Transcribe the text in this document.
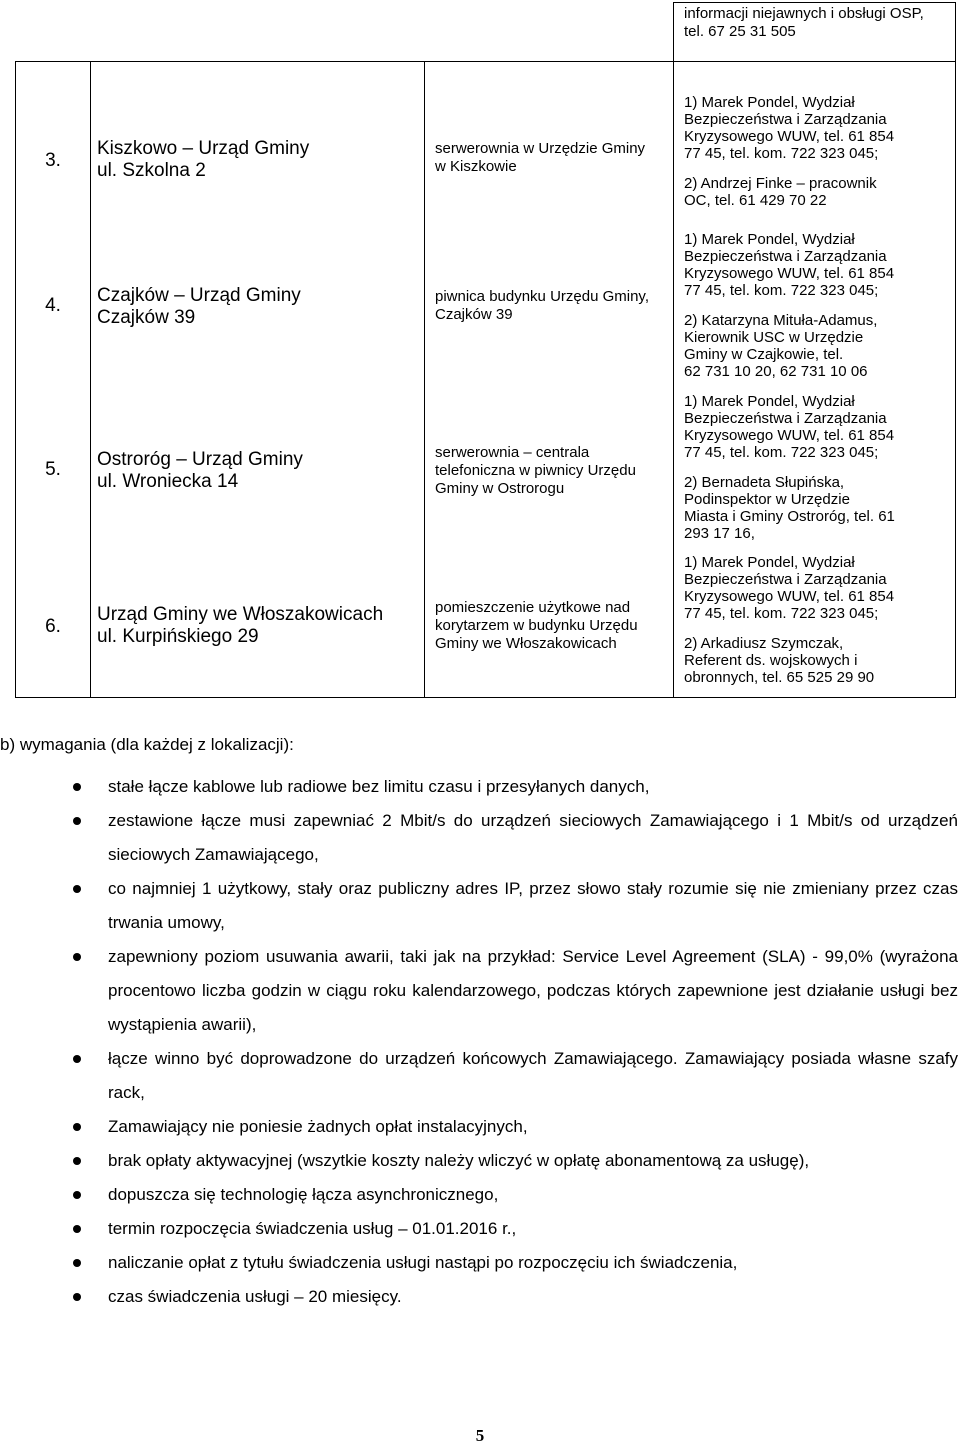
informacji niejawnych i obsługi OSP, tel. 67 25 31 505
3.
Kiszkowo – Urząd Gminy
ul. Szkolna 2
serwerownia w Urzędzie Gminy
w Kiszkowie

1) Marek Pondel, Wydział

Bezpieczeństwa i Zarządzania

Kryzysowego WUW, tel. 61 854

77 45, tel. kom. 722 323 045;

2) Andrzej Finke – pracownik

OC, tel. 61 429 70 22

4.	Czajków – Urząd Gminy
Czajków 39
piwnica budynku Urzędu Gminy,
Czajków 39

1) Marek Pondel, Wydział

Bezpieczeństwa i Zarządzania

Kryzysowego WUW, tel. 61 854

77 45, tel. kom. 722 323 045;

2) Katarzyna Mituła-Adamus,

Kierownik USC w Urzędzie

Gminy w Czajkowie, tel.

62 731 10 20, 62 731 10 06

5.	Ostroróg – Urząd Gminy
ul. Wroniecka 14
serwerownia – centrala
telefoniczna w piwnicy Urzędu
Gminy w Ostrorogu

1) Marek Pondel, Wydział

Bezpieczeństwa i Zarządzania

Kryzysowego WUW, tel. 61 854

77 45, tel. kom. 722 323 045;

2) Bernadeta Słupińska,

Podinspektor w Urzędzie

Miasta i Gminy Ostroróg, tel. 61

293 17 16,

6.
Urząd Gminy we Włoszakowicach
ul. Kurpińskiego 29
pomieszczenie użytkowe nad
korytarzem w budynku Urzędu
Gminy we Włoszakowicach

1) Marek Pondel, Wydział

Bezpieczeństwa i Zarządzania

Kryzysowego WUW, tel. 61 854

77 45, tel. kom. 722 323 045;

2) Arkadiusz Szymczak,

Referent ds. wojskowych i

obronnych, tel. 65 525 29 90

b) wymagania (dla każdej z lokalizacji):
stałe łącze kablowe lub radiowe bez limitu czasu i przesyłanych danych,
zestawione łącze musi zapewniać 2 Mbit/s do urządzeń sieciowych Zamawiającego i 1 Mbit/s od urządzeń sieciowych Zamawiającego,
co najmniej 1 użytkowy, stały oraz publiczny adres IP, przez słowo stały rozumie się nie zmieniany przez czas trwania umowy,
zapewniony poziom usuwania awarii, taki jak na przykład: Service Level Agreement (SLA) - 99,0% (wyrażona procentowo liczba godzin w ciągu roku kalendarzowego, podczas których zapewnione jest działanie usługi bez wystąpienia awarii),
łącze winno być doprowadzone do urządzeń końcowych Zamawiającego. Zamawiający posiada własne szafy rack,
Zamawiający nie poniesie żadnych opłat instalacyjnych,
brak opłaty aktywacyjnej (wszytkie koszty należy wliczyć w opłatę abonamentową za usługę),
dopuszcza się technologię łącza asynchronicznego,
termin rozpoczęcia świadczenia usług – 01.01.2016 r.,
naliczanie opłat z tytułu świadczenia usługi nastąpi po rozpoczęciu ich świadczenia,
czas świadczenia usługi – 20 miesięcy.
5
